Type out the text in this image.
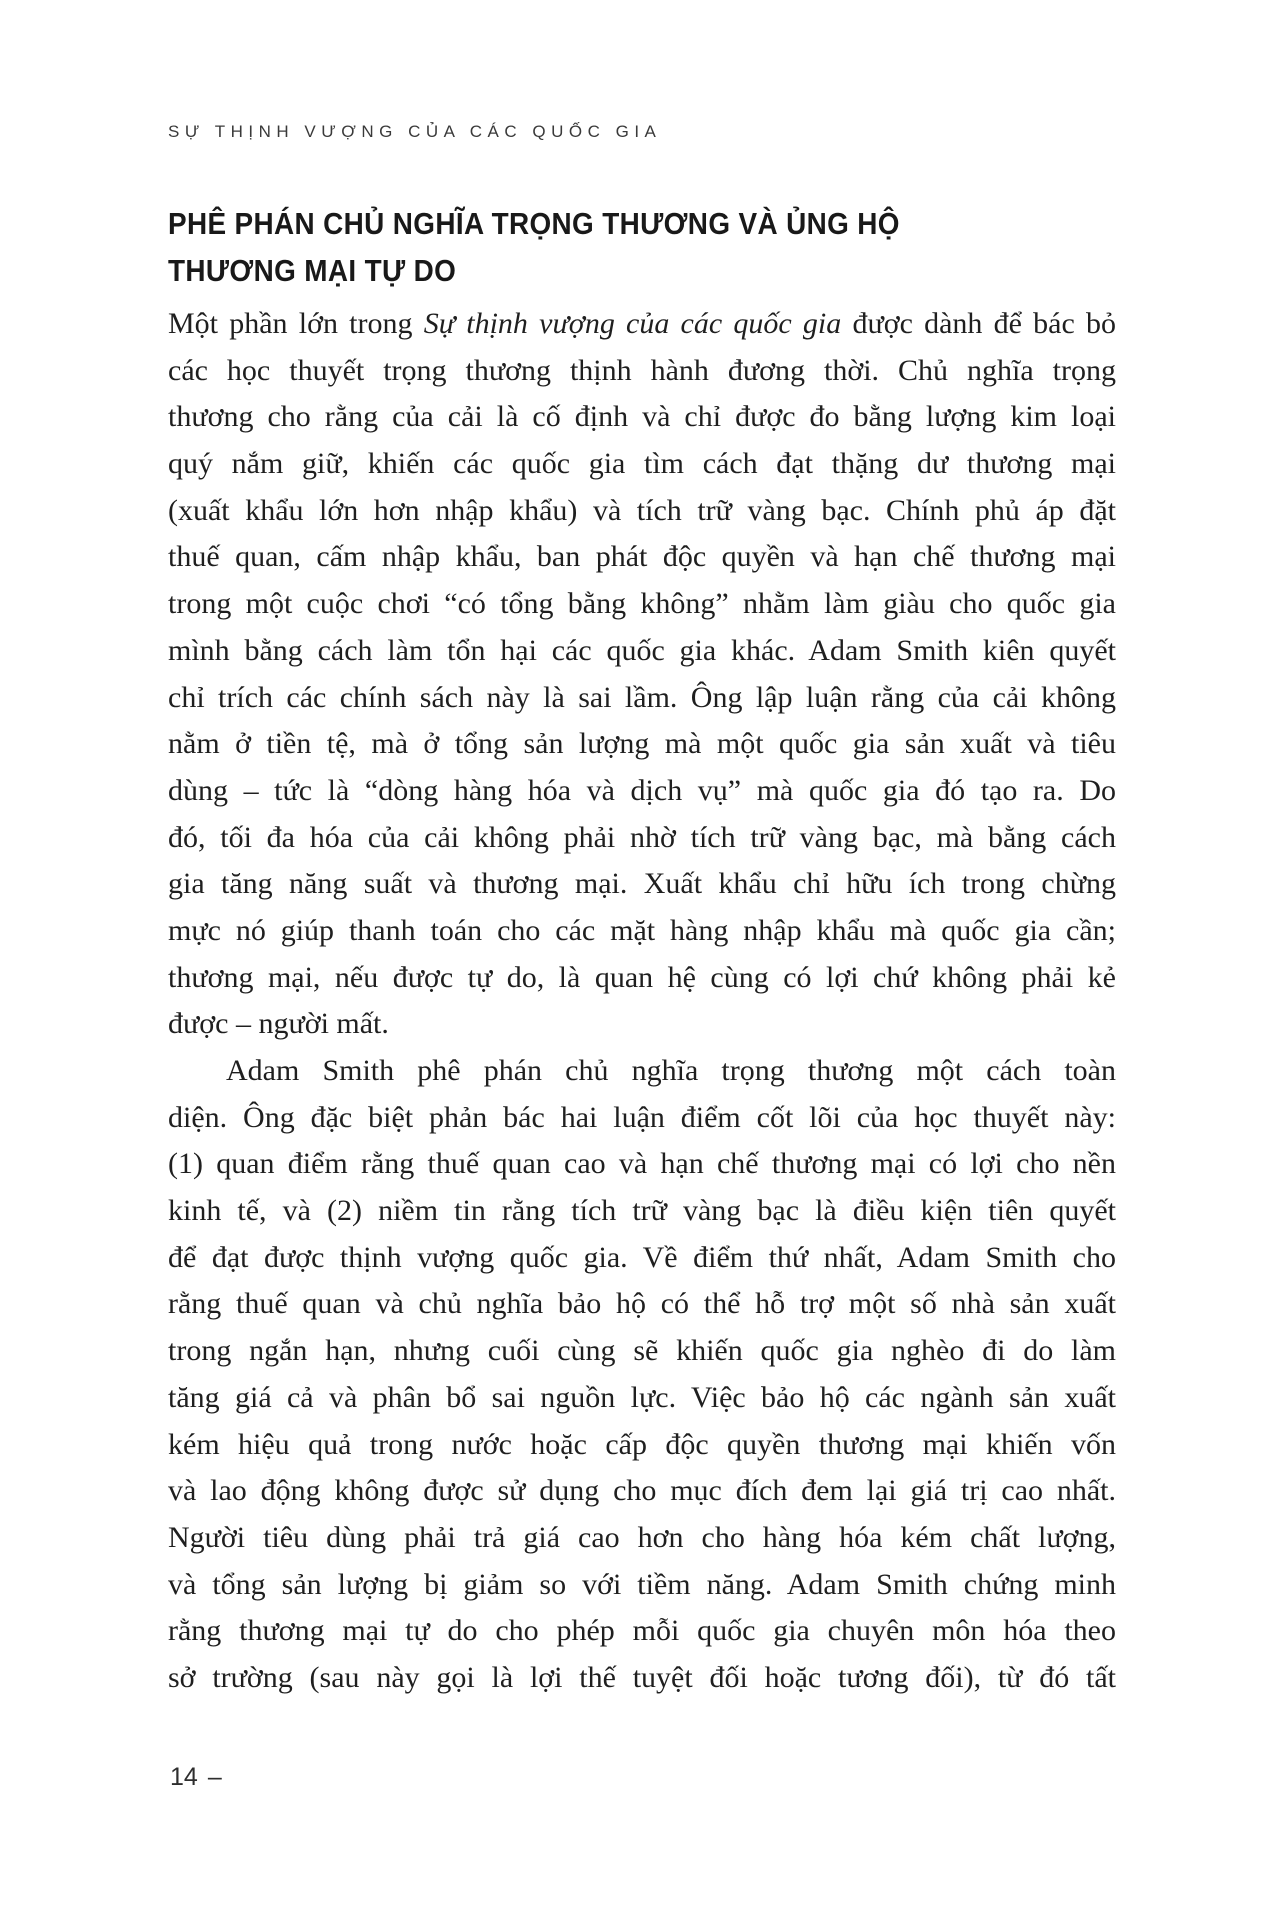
SỰ THỊNH VƯỢNG CỦA CÁC QUỐC GIA
PHÊ PHÁN CHỦ NGHĨA TRỌNG THƯƠNG VÀ ỦNG HỘ
THƯƠNG MẠI TỰ DO
Một phần lớn trong Sự thịnh vượng của các quốc gia được dành để bác bỏ
các học thuyết trọng thương thịnh hành đương thời. Chủ nghĩa trọng
thương cho rằng của cải là cố định và chỉ được đo bằng lượng kim loại
quý nắm giữ, khiến các quốc gia tìm cách đạt thặng dư thương mại
(xuất khẩu lớn hơn nhập khẩu) và tích trữ vàng bạc. Chính phủ áp đặt
thuế quan, cấm nhập khẩu, ban phát độc quyền và hạn chế thương mại
trong một cuộc chơi “có tổng bằng không” nhằm làm giàu cho quốc gia
mình bằng cách làm tổn hại các quốc gia khác. Adam Smith kiên quyết
chỉ trích các chính sách này là sai lầm. Ông lập luận rằng của cải không
nằm ở tiền tệ, mà ở tổng sản lượng mà một quốc gia sản xuất và tiêu
dùng – tức là “dòng hàng hóa và dịch vụ” mà quốc gia đó tạo ra. Do
đó, tối đa hóa của cải không phải nhờ tích trữ vàng bạc, mà bằng cách
gia tăng năng suất và thương mại. Xuất khẩu chỉ hữu ích trong chừng
mực nó giúp thanh toán cho các mặt hàng nhập khẩu mà quốc gia cần;
thương mại, nếu được tự do, là quan hệ cùng có lợi chứ không phải kẻ
được – người mất.
Adam Smith phê phán chủ nghĩa trọng thương một cách toàn
diện. Ông đặc biệt phản bác hai luận điểm cốt lõi của học thuyết này:
(1) quan điểm rằng thuế quan cao và hạn chế thương mại có lợi cho nền
kinh tế, và (2) niềm tin rằng tích trữ vàng bạc là điều kiện tiên quyết
để đạt được thịnh vượng quốc gia. Về điểm thứ nhất, Adam Smith cho
rằng thuế quan và chủ nghĩa bảo hộ có thể hỗ trợ một số nhà sản xuất
trong ngắn hạn, nhưng cuối cùng sẽ khiến quốc gia nghèo đi do làm
tăng giá cả và phân bổ sai nguồn lực. Việc bảo hộ các ngành sản xuất
kém hiệu quả trong nước hoặc cấp độc quyền thương mại khiến vốn
và lao động không được sử dụng cho mục đích đem lại giá trị cao nhất.
Người tiêu dùng phải trả giá cao hơn cho hàng hóa kém chất lượng,
và tổng sản lượng bị giảm so với tiềm năng. Adam Smith chứng minh
rằng thương mại tự do cho phép mỗi quốc gia chuyên môn hóa theo
sở trường (sau này gọi là lợi thế tuyệt đối hoặc tương đối), từ đó tất
14 –
